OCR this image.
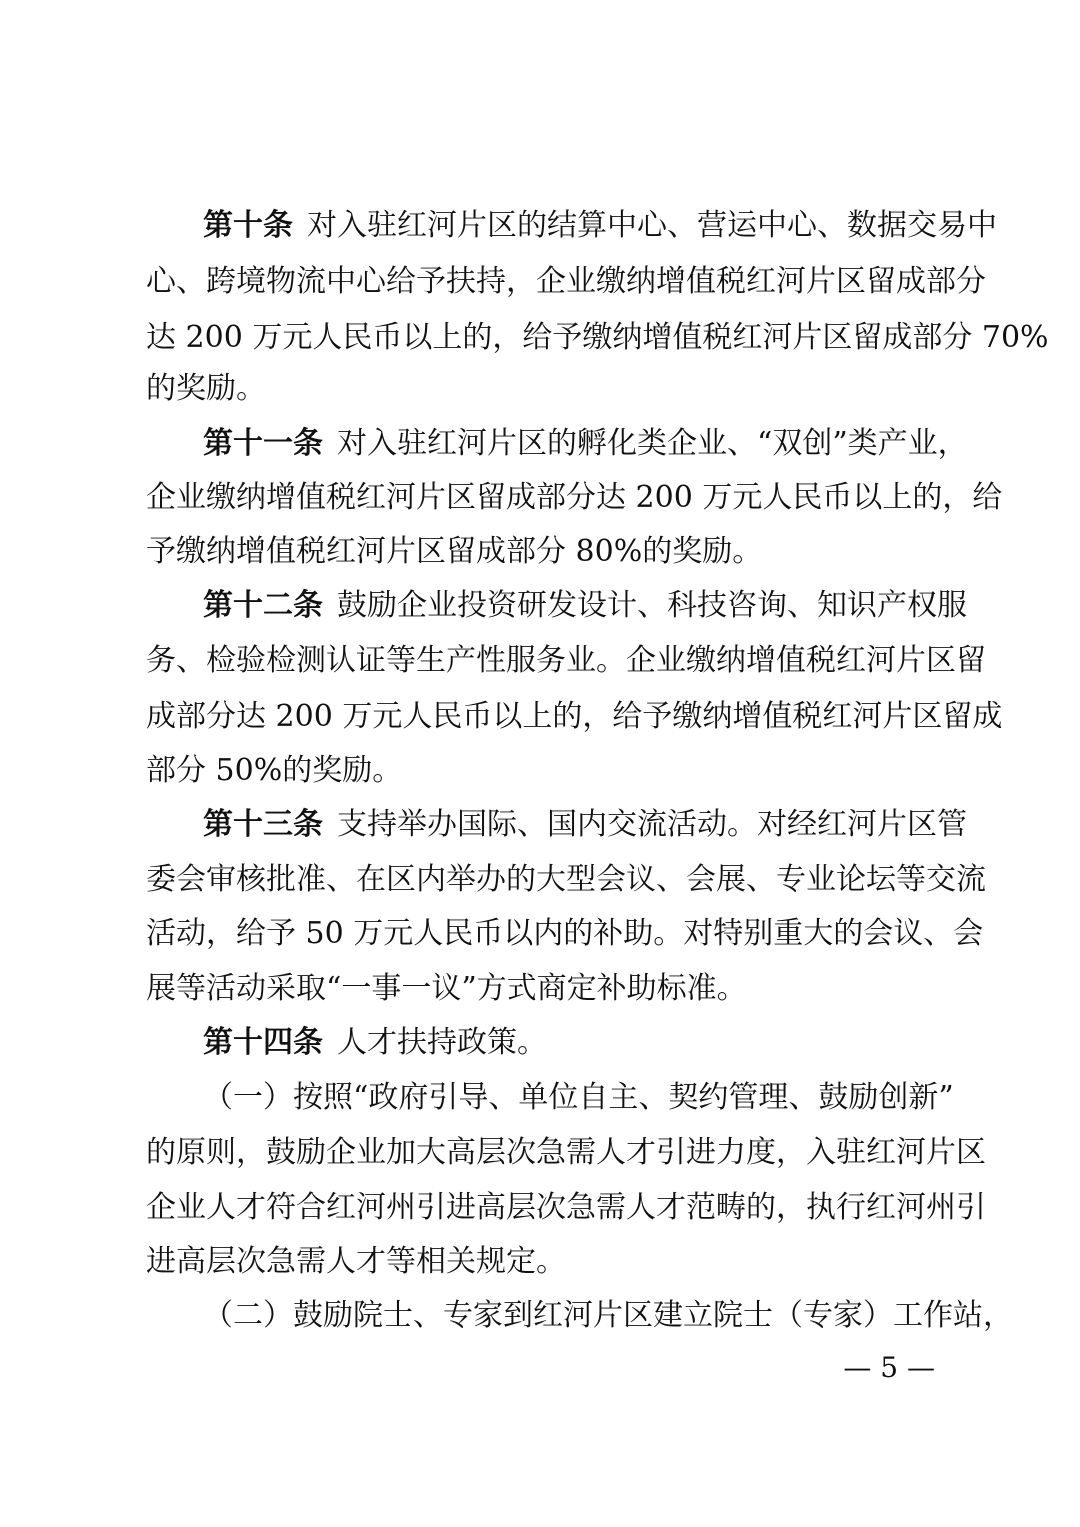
第十条 对入驻红河片区的结算中心、营运中心、数据交易中
心、跨境物流中心给予扶持，企业缴纳增值税红河片区留成部分
达 200 万元人民币以上的，给予缴纳增值税红河片区留成部分 70%
的奖励。
第十一条 对入驻红河片区的孵化类企业、“双创”类产业，
企业缴纳增值税红河片区留成部分达 200 万元人民币以上的，给
予缴纳增值税红河片区留成部分 80%的奖励。
第十二条 鼓励企业投资研发设计、科技咨询、知识产权服
务、检验检测认证等生产性服务业。企业缴纳增值税红河片区留
成部分达 200 万元人民币以上的，给予缴纳增值税红河片区留成
部分 50%的奖励。
第十三条 支持举办国际、国内交流活动。对经红河片区管
委会审核批准、在区内举办的大型会议、会展、专业论坛等交流
活动，给予 50 万元人民币以内的补助。对特别重大的会议、会
展等活动采取“一事一议”方式商定补助标准。
第十四条 人才扶持政策。
（一）按照“政府引导、单位自主、契约管理、鼓励创新”
的原则，鼓励企业加大高层次急需人才引进力度，入驻红河片区
企业人才符合红河州引进高层次急需人才范畴的，执行红河州引
进高层次急需人才等相关规定。
（二）鼓励院士、专家到红河片区建立院士（专家）工作站，
— 5 —
